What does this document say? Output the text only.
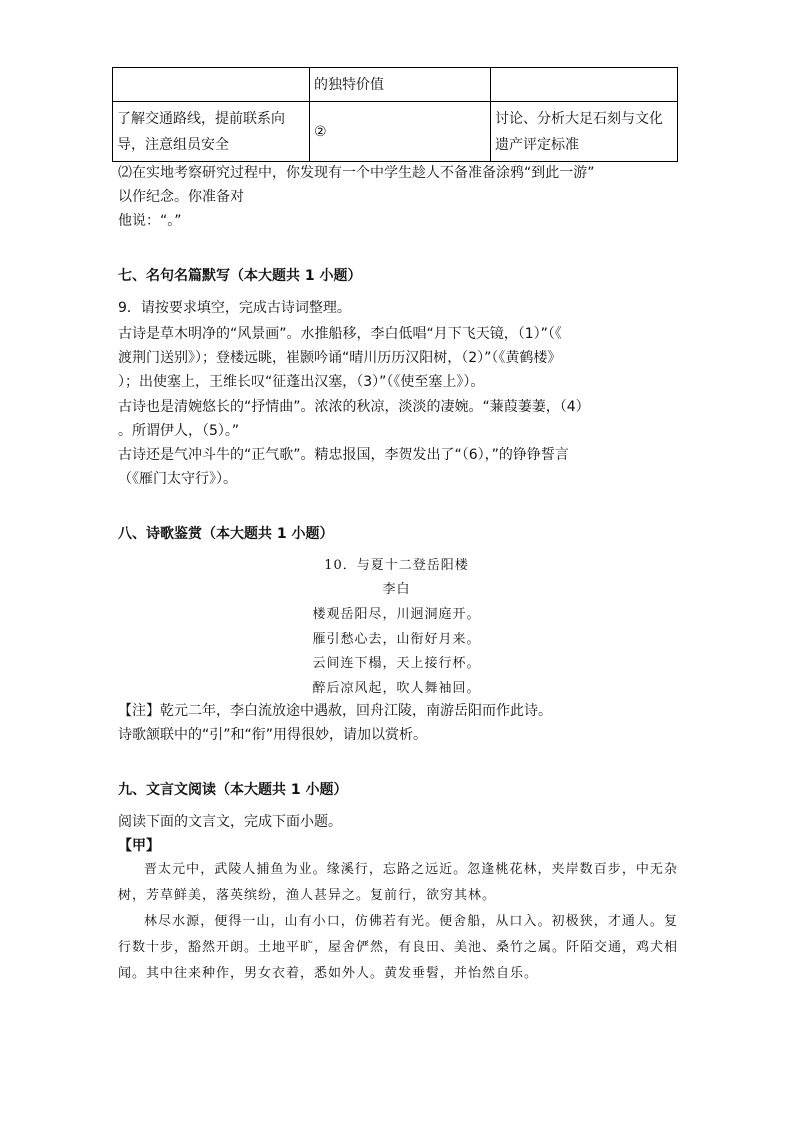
	的独特价值	
了解交通路线，提前联系向导，注意组员安全	②	讨论、分析大足石刻与文化遗产评定标准
⑵在实地考察研究过程中，你发现有一个中学生趁人不备准备涂鸦“到此一游”
以作纪念。你准备对
他说：“。”
七、名句名篇默写（本大题共 1 小题）
9．请按要求填空，完成古诗词整理。
古诗是草木明净的“风景画”。水推船移，李白低唱“月下飞天镜，（1）”（《
渡荆门送别》）；登楼远眺，崔颢吟诵“晴川历历汉阳树，（2）”（《黄鹤楼》
）；出使塞上，王维长叹“征蓬出汉塞，（3）”（《使至塞上》）。
古诗也是清婉悠长的“抒情曲”。浓浓的秋凉，淡淡的凄婉。“蒹葭萋萋，（4）
。所谓伊人，（5）。”
古诗还是气冲斗牛的“正气歌”。精忠报国，李贺发出了“（6），”的铮铮誓言
（《雁门太守行》）。
八、诗歌鉴赏（本大题共 1 小题）
10．与夏十二登岳阳楼
李白
楼观岳阳尽，川迥洞庭开。
雁引愁心去，山衔好月来。
云间连下榻，天上接行杯。
醉后凉风起，吹人舞袖回。
【注】乾元二年，李白流放途中遇赦，回舟江陵，南游岳阳而作此诗。
诗歌颔联中的“引”和“衔”用得很妙，请加以赏析。
九、文言文阅读（本大题共 1 小题）
阅读下面的文言文，完成下面小题。
【甲】

晋太元中，武陵人捕鱼为业。缘溪行，忘路之远近。忽逢桃花林，夹岸数百步，中无杂树，芳草鲜美，落英缤纷，渔人甚异之。复前行，欲穷其林。

林尽水源，便得一山，山有小口，仿佛若有光。便舍船，从口入。初极狭，才通人。复行数十步，豁然开朗。土地平旷，屋舍俨然，有良田、美池、桑竹之属。阡陌交通，鸡犬相闻。其中往来种作，男女衣着，悉如外人。黄发垂髫，并怡然自乐。
